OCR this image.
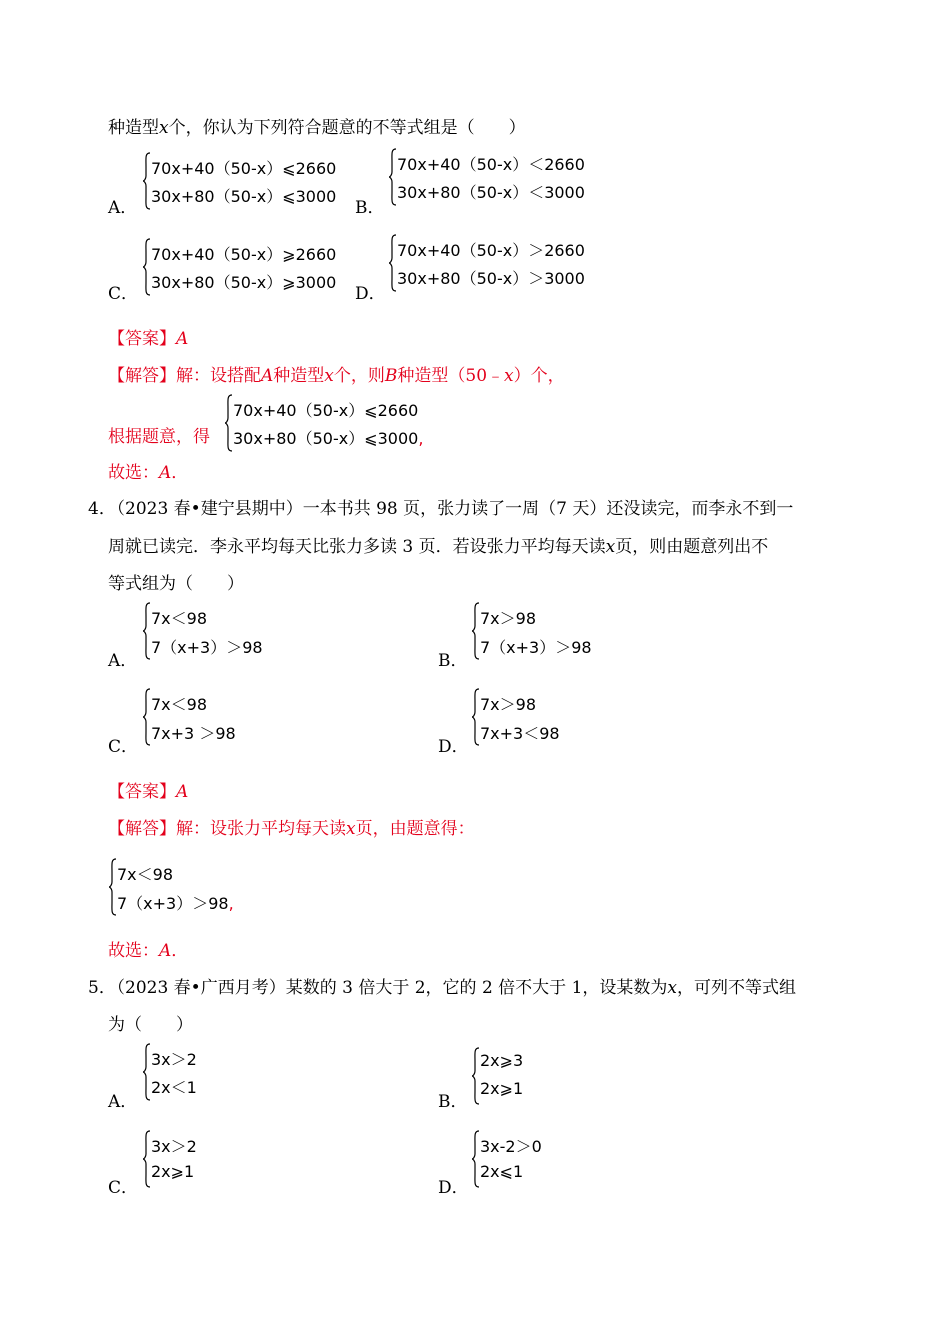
种造型x个，你认为下列符合题意的不等式组是（　　）
A．
70x+40（50-x）⩽2660
30x+80（50-x）⩽3000
B．
70x+40（50-x）＜2660
30x+80（50-x）＜3000
C．
70x+40（50-x）⩾2660
30x+80（50-x）⩾3000
D．
70x+40（50-x）＞2660
30x+80（50-x）＞3000
【答案】A
【解答】解：设搭配A种造型x个，则B种造型（50﹣x）个，
根据题意，得
70x+40（50-x）⩽2660
30x+80（50-x）⩽3000,
故选：A．
4．
（2023 春•建宁县期中）一本书共 98 页，张力读了一周（7 天）还没读完，而李永不到一
周就已读完．李永平均每天比张力多读 3 页．若设张力平均每天读x页，则由题意列出不
等式组为（　　）
A．
7x＜98
7（x+3）＞98
B．
7x＞98
7（x+3）＞98
C．
7x＜98
7x+3 ＞98
D．
7x＞98
7x+3＜98
【答案】A
【解答】解：设张力平均每天读x页，由题意得：
7x＜98
7（x+3）＞98,
故选：A．
5．
（2023 春•广西月考）某数的 3 倍大于 2，它的 2 倍不大于 1，设某数为x，可列不等式组
为（　　）
A．
3x＞2
2x＜1
B．
2x⩾3
2x⩾1
C．
3x＞2
2x⩾1
D．
3x-2＞0
2x⩽1
